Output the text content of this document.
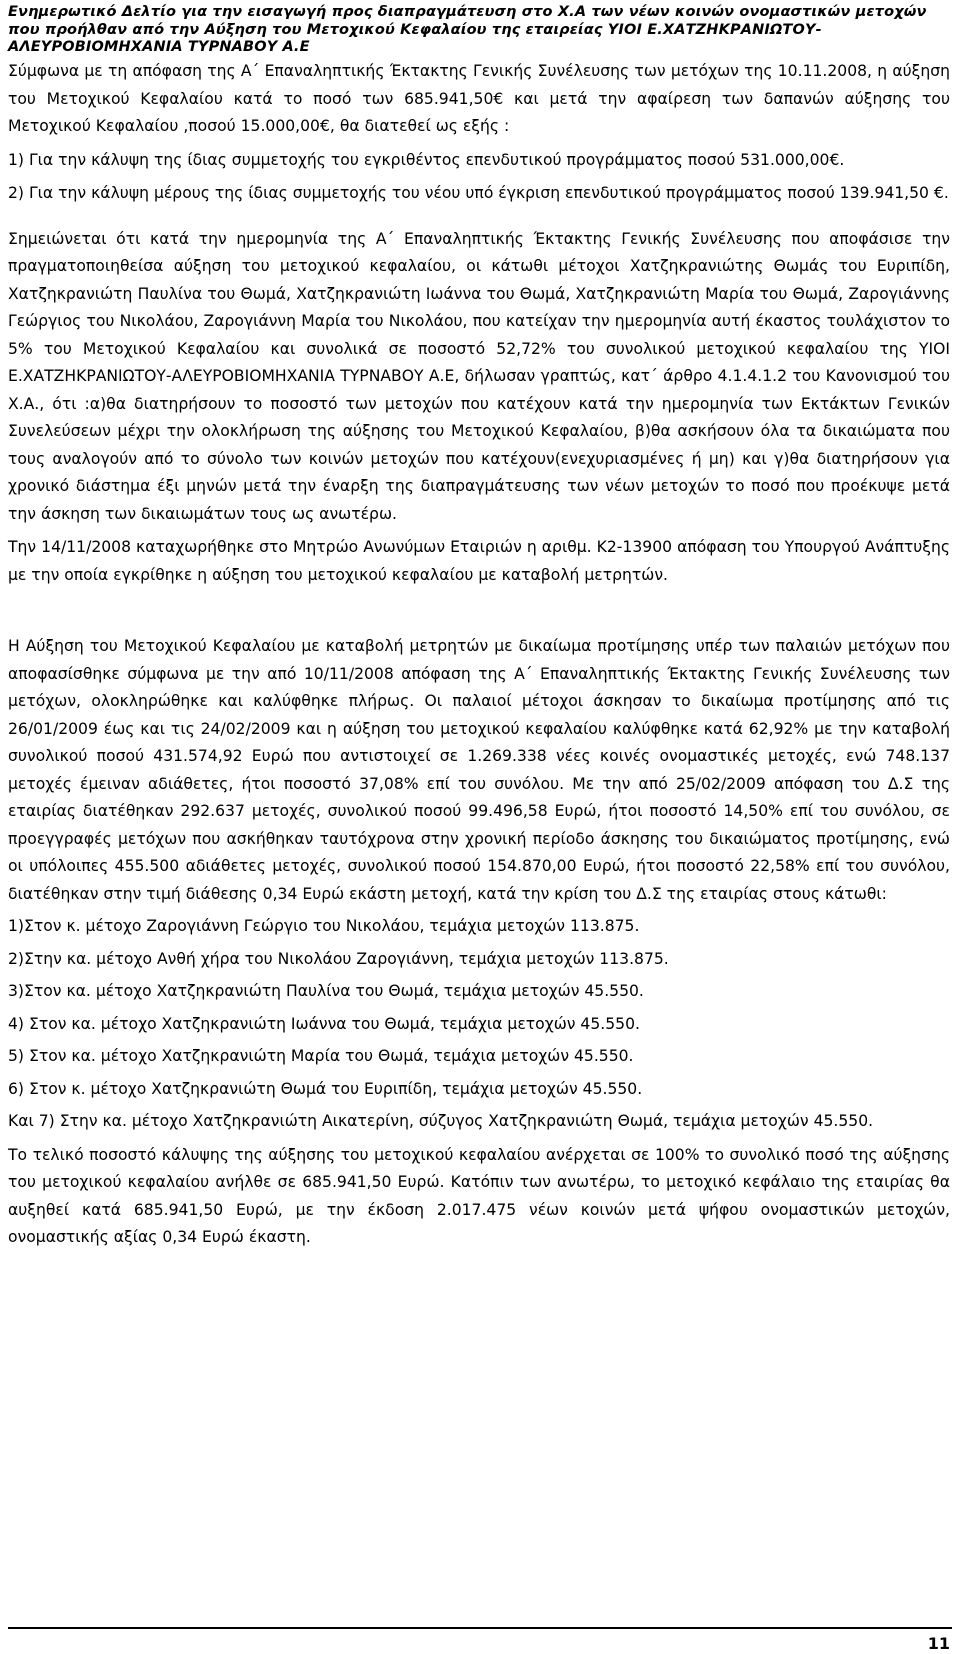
Ενημερωτικό Δελτίο για την εισαγωγή προς διαπραγμάτευση στο Χ.Α των νέων κοινών ονομαστικών μετοχών που προήλθαν από την Αύξηση του Μετοχικού Κεφαλαίου της εταιρείας ΥΙΟΙ Ε.ΧΑΤΖΗΚΡΑΝΙΩΤΟΥ-ΑΛΕΥΡΟΒΙΟΜΗΧΑΝΙΑ ΤΥΡΝΑΒΟΥ Α.Ε

Σύμφωνα με τη απόφαση της Α΄ Επαναληπτικής Έκτακτης Γενικής Συνέλευσης των μετόχων της 10.11.2008, η αύξηση του Μετοχικού Κεφαλαίου κατά το ποσό των 685.941,50€ και μετά την αφαίρεση των δαπανών αύξησης του Μετοχικού Κεφαλαίου ,ποσού 15.000,00€, θα διατεθεί ως εξής :

1) Για την κάλυψη της ίδιας συμμετοχής του εγκριθέντος επενδυτικού προγράμματος ποσού 531.000,00€.

2) Για την κάλυψη μέρους της ίδιας συμμετοχής του νέου υπό έγκριση επενδυτικού προγράμματος ποσού 139.941,50 €.

Σημειώνεται ότι κατά την ημερομηνία της Α΄ Επαναληπτικής Έκτακτης Γενικής Συνέλευσης που αποφάσισε την πραγματοποιηθείσα αύξηση του μετοχικού κεφαλαίου, οι κάτωθι μέτοχοι Χατζηκρανιώτης Θωμάς του Ευριπίδη, Χατζηκρανιώτη Παυλίνα του Θωμά, Χατζηκρανιώτη Ιωάννα του Θωμά, Χατζηκρανιώτη Μαρία του Θωμά, Ζαρογιάννης Γεώργιος του Νικολάου, Ζαρογιάννη Μαρία του Νικολάου, που κατείχαν την ημερομηνία αυτή έκαστος τουλάχιστον το 5% του Μετοχικού Κεφαλαίου και συνολικά σε ποσοστό 52,72% του συνολικού μετοχικού κεφαλαίου της ΥΙΟΙ Ε.ΧΑΤΖΗΚΡΑΝΙΩΤΟΥ-ΑΛΕΥΡΟΒΙΟΜΗΧΑΝΙΑ ΤΥΡΝΑΒΟΥ Α.Ε, δήλωσαν γραπτώς, κατ΄ άρθρο 4.1.4.1.2 του Κανονισμού του Χ.Α., ότι :α)θα διατηρήσουν το ποσοστό των μετοχών που κατέχουν κατά την ημερομηνία των Εκτάκτων Γενικών Συνελεύσεων μέχρι την ολοκλήρωση της αύξησης του Μετοχικού Κεφαλαίου, β)θα ασκήσουν όλα τα δικαιώματα που τους αναλογούν από το σύνολο των κοινών μετοχών που κατέχουν(ενεχυριασμένες ή μη) και γ)θα διατηρήσουν για χρονικό διάστημα έξι μηνών μετά την έναρξη της διαπραγμάτευσης των νέων μετοχών το ποσό που προέκυψε μετά την άσκηση των δικαιωμάτων τους ως ανωτέρω.

Την 14/11/2008 καταχωρήθηκε στο Μητρώο Ανωνύμων Εταιριών η αριθμ. Κ2-13900 απόφαση του Υπουργού Ανάπτυξης με την οποία εγκρίθηκε η αύξηση του μετοχικού κεφαλαίου με καταβολή μετρητών.

Η Αύξηση του Μετοχικού Κεφαλαίου με καταβολή μετρητών με δικαίωμα προτίμησης υπέρ των παλαιών μετόχων που αποφασίσθηκε σύμφωνα με την από 10/11/2008 απόφαση της Α΄ Επαναληπτικής Έκτακτης Γενικής Συνέλευσης των μετόχων, ολοκληρώθηκε και καλύφθηκε πλήρως. Οι παλαιοί μέτοχοι άσκησαν το δικαίωμα προτίμησης από τις 26/01/2009 έως και τις 24/02/2009 και η αύξηση του μετοχικού κεφαλαίου καλύφθηκε κατά 62,92% με την καταβολή συνολικού ποσού 431.574,92 Ευρώ που αντιστοιχεί σε 1.269.338 νέες κοινές ονομαστικές μετοχές, ενώ 748.137 μετοχές έμειναν αδιάθετες, ήτοι ποσοστό 37,08% επί του συνόλου. Με την από 25/02/2009 απόφαση του Δ.Σ της εταιρίας διατέθηκαν 292.637 μετοχές, συνολικού ποσού 99.496,58 Ευρώ, ήτοι ποσοστό 14,50% επί του συνόλου, σε προεγγραφές μετόχων που ασκήθηκαν ταυτόχρονα στην χρονική περίοδο άσκησης του δικαιώματος προτίμησης, ενώ οι υπόλοιπες 455.500 αδιάθετες μετοχές, συνολικού ποσού 154.870,00 Ευρώ, ήτοι ποσοστό 22,58% επί του συνόλου, διατέθηκαν στην τιμή διάθεσης 0,34 Ευρώ εκάστη μετοχή, κατά την κρίση του Δ.Σ της εταιρίας στους κάτωθι:

1)Στον κ. μέτοχο Ζαρογιάννη Γεώργιο του Νικολάου, τεμάχια μετοχών 113.875.

2)Στην κα. μέτοχο Ανθή χήρα του Νικολάου Ζαρογιάννη, τεμάχια μετοχών 113.875.

3)Στον κα. μέτοχο Χατζηκρανιώτη Παυλίνα του Θωμά, τεμάχια μετοχών 45.550.

4) Στον κα. μέτοχο Χατζηκρανιώτη Ιωάννα του Θωμά, τεμάχια μετοχών 45.550.

5) Στον κα. μέτοχο Χατζηκρανιώτη Μαρία του Θωμά, τεμάχια μετοχών 45.550.

6) Στον κ. μέτοχο Χατζηκρανιώτη Θωμά του Ευριπίδη, τεμάχια μετοχών 45.550.

Και 7) Στην κα. μέτοχο Χατζηκρανιώτη Αικατερίνη, σύζυγος Χατζηκρανιώτη Θωμά, τεμάχια μετοχών 45.550.

Το τελικό ποσοστό κάλυψης της αύξησης του μετοχικού κεφαλαίου ανέρχεται σε 100% το συνολικό ποσό της αύξησης του μετοχικού κεφαλαίου ανήλθε σε 685.941,50 Ευρώ. Κατόπιν των ανωτέρω, το μετοχικό κεφάλαιο της εταιρίας θα αυξηθεί κατά 685.941,50 Ευρώ, με την έκδοση 2.017.475 νέων κοινών μετά ψήφου ονομαστικών μετοχών, ονομαστικής αξίας 0,34 Ευρώ έκαστη.

11
